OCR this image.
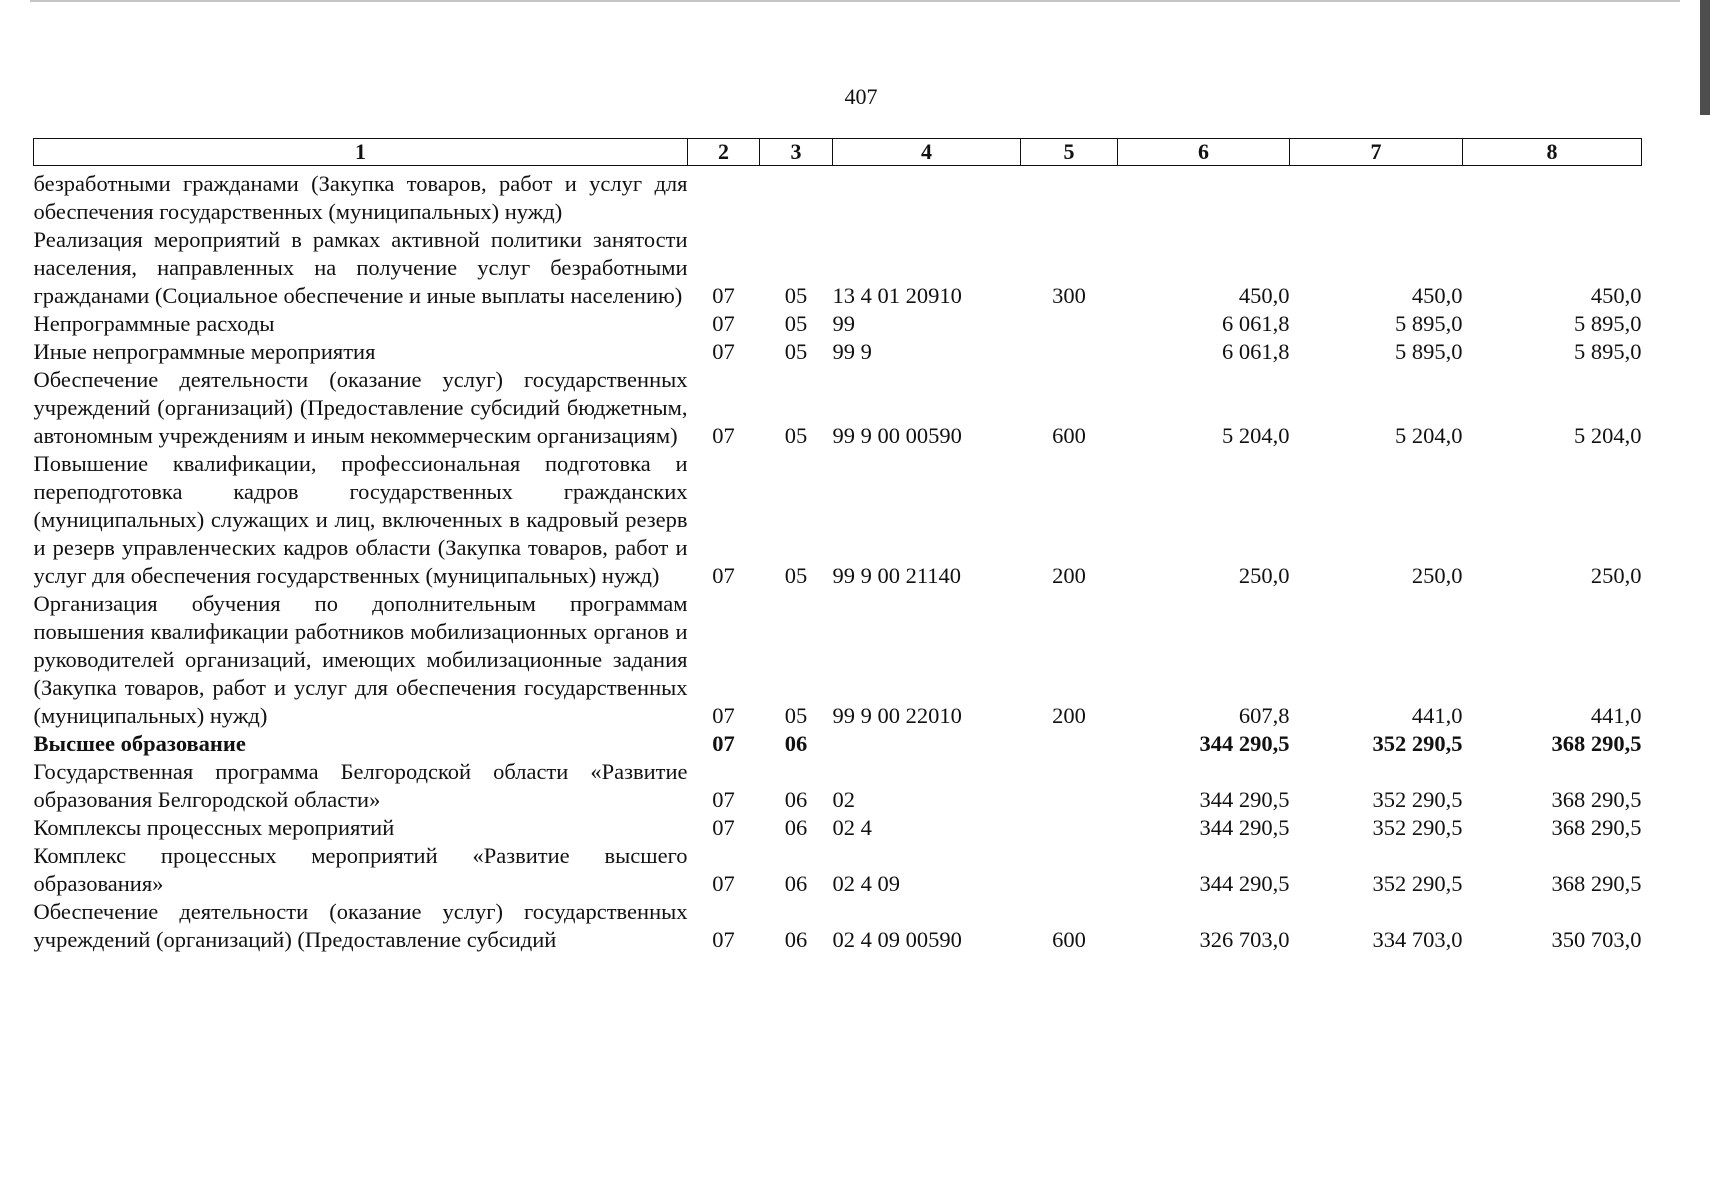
407
1	2	3	4	5	6	7	8
безработными гражданами (Закупка товаров, работ и услуг для обеспечения государственных (муниципальных) нужд)							
Реализация мероприятий в рамках активной политики занятости населения, направленных на получение услуг безработными гражданами (Социальное обеспечение и иные выплаты населению)	07	05	13 4 01 20910	300	450,0	450,0	450,0
Непрограммные расходы	07	05	99		6 061,8	5 895,0	5 895,0
Иные непрограммные мероприятия	07	05	99 9		6 061,8	5 895,0	5 895,0
Обеспечение деятельности (оказание услуг) государственных учреждений (организаций) (Предоставление субсидий бюджетным, автономным учреждениям и иным некоммерческим организациям)	07	05	99 9 00 00590	600	5 204,0	5 204,0	5 204,0
Повышение квалификации, профессиональная подготовка и переподготовка кадров государственных гражданских (муниципальных) служащих и лиц, включенных в кадровый резерв и резерв управленческих кадров области (Закупка товаров, работ и услуг для обеспечения государственных (муниципальных) нужд)	07	05	99 9 00 21140	200	250,0	250,0	250,0
Организация обучения по дополнительным программам повышения квалификации работников мобилизационных органов и руководителей организаций, имеющих мобилизационные задания (Закупка товаров, работ и услуг для обеспечения государственных (муниципальных) нужд)	07	05	99 9 00 22010	200	607,8	441,0	441,0
Высшее образование	07	06			344 290,5	352 290,5	368 290,5
Государственная программа Белгородской области «Развитие образования Белгородской области»	07	06	02		344 290,5	352 290,5	368 290,5
Комплексы процессных мероприятий	07	06	02 4		344 290,5	352 290,5	368 290,5
Комплекс процессных мероприятий «Развитие высшего образования»	07	06	02 4 09		344 290,5	352 290,5	368 290,5
Обеспечение деятельности (оказание услуг) государственных учреждений (организаций) (Предоставление субсидий	07	06	02 4 09 00590	600	326 703,0	334 703,0	350 703,0
